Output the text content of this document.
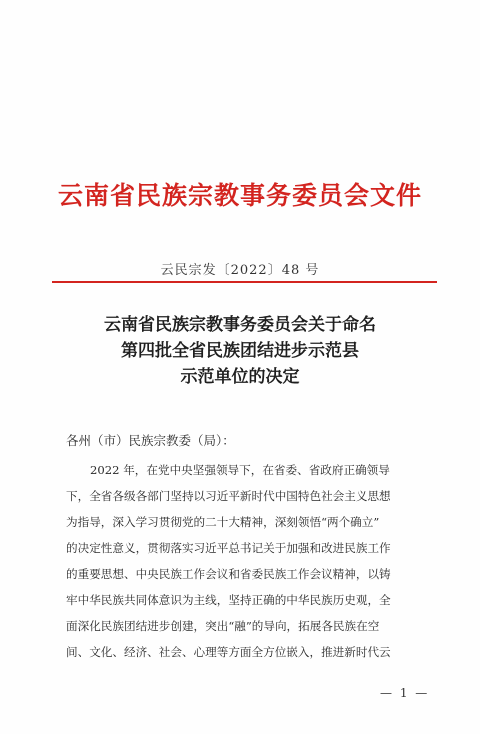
云南省民族宗教事务委员会文件
云民宗发〔2022〕48 号
云南省民族宗教事务委员会关于命名
第四批全省民族团结进步示范县
示范单位的决定
各州（市）民族宗教委（局）：
2022 年，在党中央坚强领导下，在省委、省政府正确领导
下，全省各级各部门坚持以习近平新时代中国特色社会主义思想
为指导，深入学习贯彻党的二十大精神，深刻领悟“两个确立”
的决定性意义，贯彻落实习近平总书记关于加强和改进民族工作
的重要思想、中央民族工作会议和省委民族工作会议精神，以铸
牢中华民族共同体意识为主线，坚持正确的中华民族历史观，全
面深化民族团结进步创建，突出“融”的导向，拓展各民族在空
间、文化、经济、社会、心理等方面全方位嵌入，推进新时代云
— 1 —
